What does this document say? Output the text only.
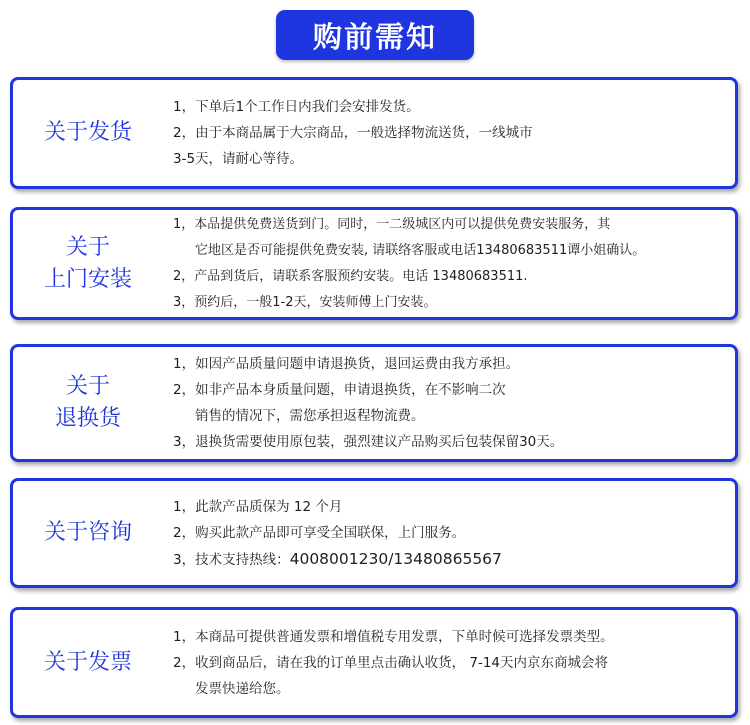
购前需知
关于发货
1，下单后1个工作日内我们会安排发货。
2，由于本商品属于大宗商品，一般选择物流送货，一线城市
3-5天，请耐心等待。
关于
上门安装
1，本品提供免费送货到门。同时，一二级城区内可以提供免费安装服务，其
它地区是否可能提供免费安装, 请联络客服或电话13480683511谭小姐确认。
2，产品到货后，请联系客服预约安装。电话 13480683511.
3，预约后，一般1-2天，安装师傅上门安装。
关于
退换货
1，如因产品质量问题申请退换货，退回运费由我方承担。
2，如非产品本身质量问题，申请退换货，在不影响二次
销售的情况下，需您承担返程物流费。
3，退换货需要使用原包装，强烈建议产品购买后包装保留30天。
关于咨询
1，此款产品质保为 12 个月
2，购买此款产品即可享受全国联保，上门服务。
3，技术支持热线：4008001230/13480865567
关于发票
1，本商品可提供普通发票和增值税专用发票，下单时候可选择发票类型。
2，收到商品后，请在我的订单里点击确认收货， 7-14天内京东商城会将
发票快递给您。
